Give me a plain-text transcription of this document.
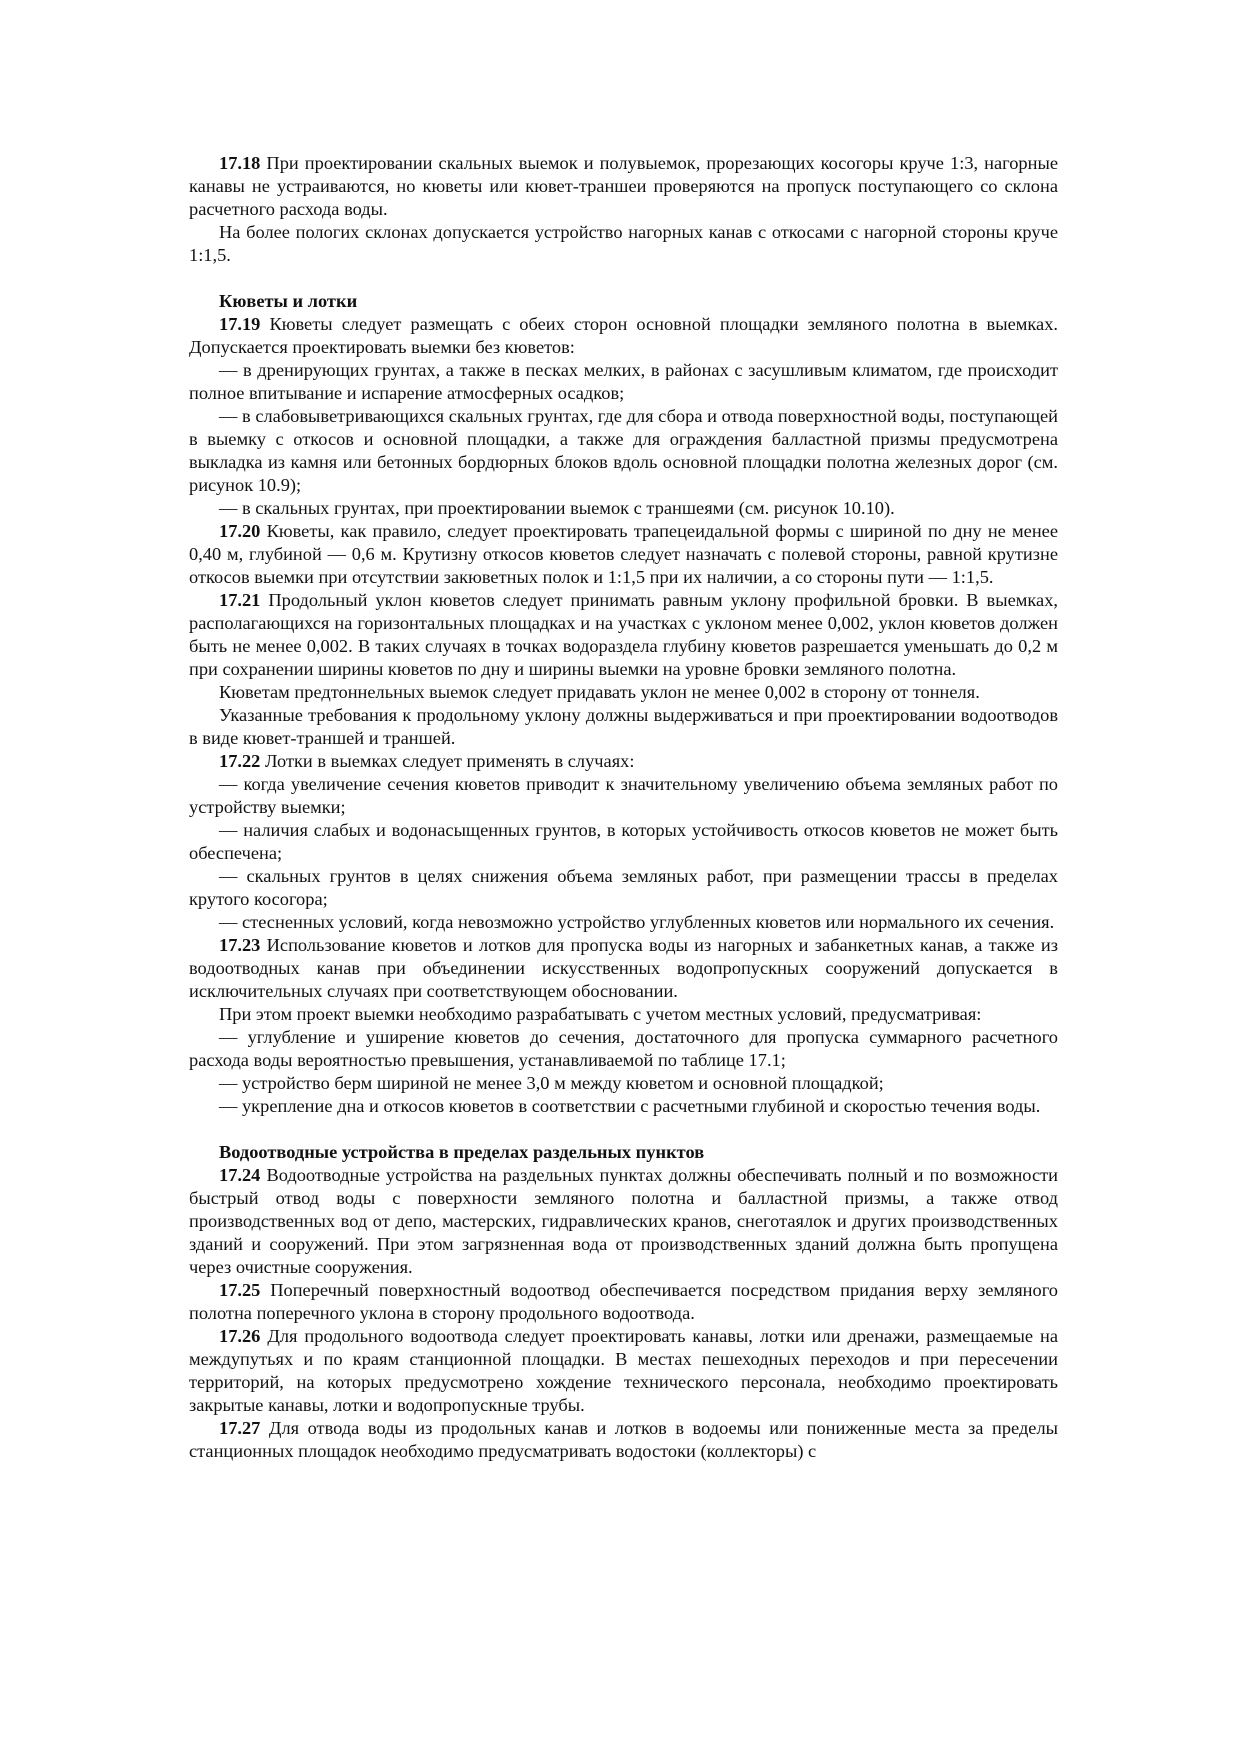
17.18 При проектировании скальных выемок и полувыемок, прорезающих косогоры круче 1:3, нагорные канавы не устраиваются, но кюветы или кювет-траншеи проверяются на пропуск поступающего со склона расчетного расхода воды.

На более пологих склонах допускается устройство нагорных канав с откосами с нагорной стороны круче 1:1,5.

Кюветы и лотки

17.19 Кюветы следует размещать с обеих сторон основной площадки земляного полотна в выемках. Допускается проектировать выемки без кюветов:

— в дренирующих грунтах, а также в песках мелких, в районах с засушливым климатом, где происходит полное впитывание и испарение атмосферных осадков;

— в слабовыветривающихся скальных грунтах, где для сбора и отвода поверхностной воды, поступающей в выемку с откосов и основной площадки, а также для ограждения балластной призмы предусмотрена выкладка из камня или бетонных бордюрных блоков вдоль основной площадки полотна железных дорог (см. рисунок 10.9);

— в скальных грунтах, при проектировании выемок с траншеями (см. рисунок 10.10).

17.20 Кюветы, как правило, следует проектировать трапецеидальной формы с шириной по дну не менее 0,40 м, глубиной — 0,6 м. Крутизну откосов кюветов следует назначать с полевой стороны, равной крутизне откосов выемки при отсутствии закюветных полок и 1:1,5 при их наличии, а со стороны пути — 1:1,5.

17.21 Продольный уклон кюветов следует принимать равным уклону профильной бровки. В выемках, располагающихся на горизонтальных площадках и на участках с уклоном менее 0,002, уклон кюветов должен быть не менее 0,002. В таких случаях в точках водораздела глубину кюветов разрешается уменьшать до 0,2 м при сохранении ширины кюветов по дну и ширины выемки на уровне бровки земляного полотна.

Кюветам предтоннельных выемок следует придавать уклон не менее 0,002 в сторону от тоннеля.

Указанные требования к продольному уклону должны выдерживаться и при проектировании водоотводов в виде кювет-траншей и траншей.

17.22 Лотки в выемках следует применять в случаях:

— когда увеличение сечения кюветов приводит к значительному увеличению объема земляных работ по устройству выемки;

— наличия слабых и водонасыщенных грунтов, в которых устойчивость откосов кюветов не может быть обеспечена;

— скальных грунтов в целях снижения объема земляных работ, при размещении трассы в пределах крутого косогора;

— стесненных условий, когда невозможно устройство углубленных кюветов или нормального их сечения.

17.23 Использование кюветов и лотков для пропуска воды из нагорных и забанкетных канав, а также из водоотводных канав при объединении искусственных водопропускных сооружений допускается в исключительных случаях при соответствующем обосновании.

При этом проект выемки необходимо разрабатывать с учетом местных условий, предусматривая:

— углубление и уширение кюветов до сечения, достаточного для пропуска суммарного расчетного расхода воды вероятностью превышения, устанавливаемой по таблице 17.1;

— устройство берм шириной не менее 3,0 м между кюветом и основной площадкой;

— укрепление дна и откосов кюветов в соответствии с расчетными глубиной и скоростью течения воды.

Водоотводные устройства в пределах раздельных пунктов

17.24 Водоотводные устройства на раздельных пунктах должны обеспечивать полный и по возможности быстрый отвод воды с поверхности земляного полотна и балластной призмы, а также отвод производственных вод от депо, мастерских, гидравлических кранов, снеготаялок и других производственных зданий и сооружений. При этом загрязненная вода от производственных зданий должна быть пропущена через очистные сооружения.

17.25 Поперечный поверхностный водоотвод обеспечивается посредством придания верху земляного полотна поперечного уклона в сторону продольного водоотвода.

17.26 Для продольного водоотвода следует проектировать канавы, лотки или дренажи, размещаемые на междупутьях и по краям станционной площадки. В местах пешеходных переходов и при пересечении территорий, на которых предусмотрено хождение технического персонала, необходимо проектировать закрытые канавы, лотки и водопропускные трубы.

17.27 Для отвода воды из продольных канав и лотков в водоемы или пониженные места за пределы станционных площадок необходимо предусматривать водостоки (коллекторы) с
